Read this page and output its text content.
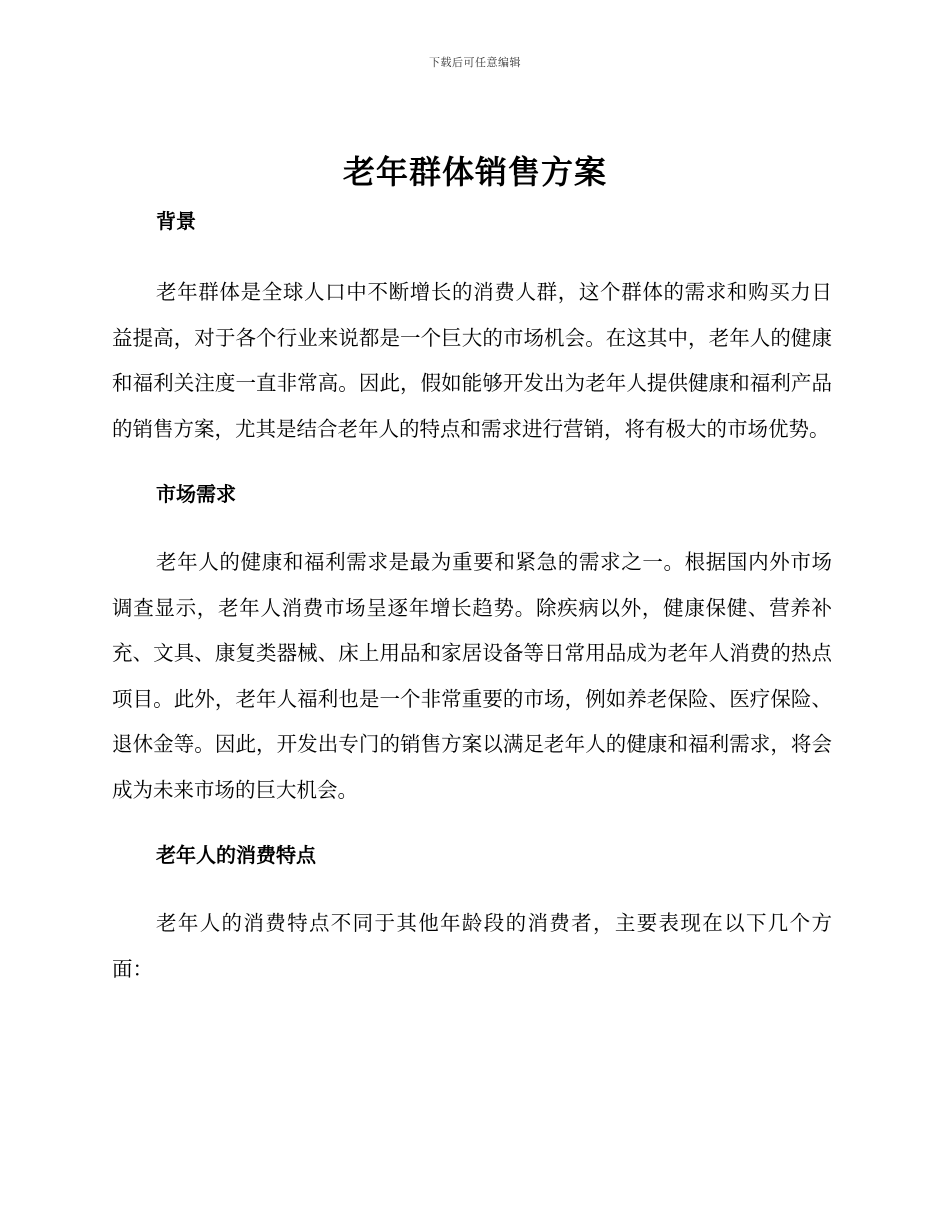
下载后可任意编辑
老年群体销售方案
背景

老年群体是全球人口中不断增长的消费人群，这个群体的需求和购买力日益提高，对于各个行业来说都是一个巨大的市场机会。在这其中，老年人的健康和福利关注度一直非常高。因此，假如能够开发出为老年人提供健康和福利产品的销售方案，尤其是结合老年人的特点和需求进行营销，将有极大的市场优势。

市场需求

老年人的健康和福利需求是最为重要和紧急的需求之一。根据国内外市场调查显示，老年人消费市场呈逐年增长趋势。除疾病以外，健康保健、营养补充、文具、康复类器械、床上用品和家居设备等日常用品成为老年人消费的热点项目。此外，老年人福利也是一个非常重要的市场，例如养老保险、医疗保险、退休金等。因此，开发出专门的销售方案以满足老年人的健康和福利需求，将会成为未来市场的巨大机会。

老年人的消费特点

老年人的消费特点不同于其他年龄段的消费者，主要表现在以下几个方面：
